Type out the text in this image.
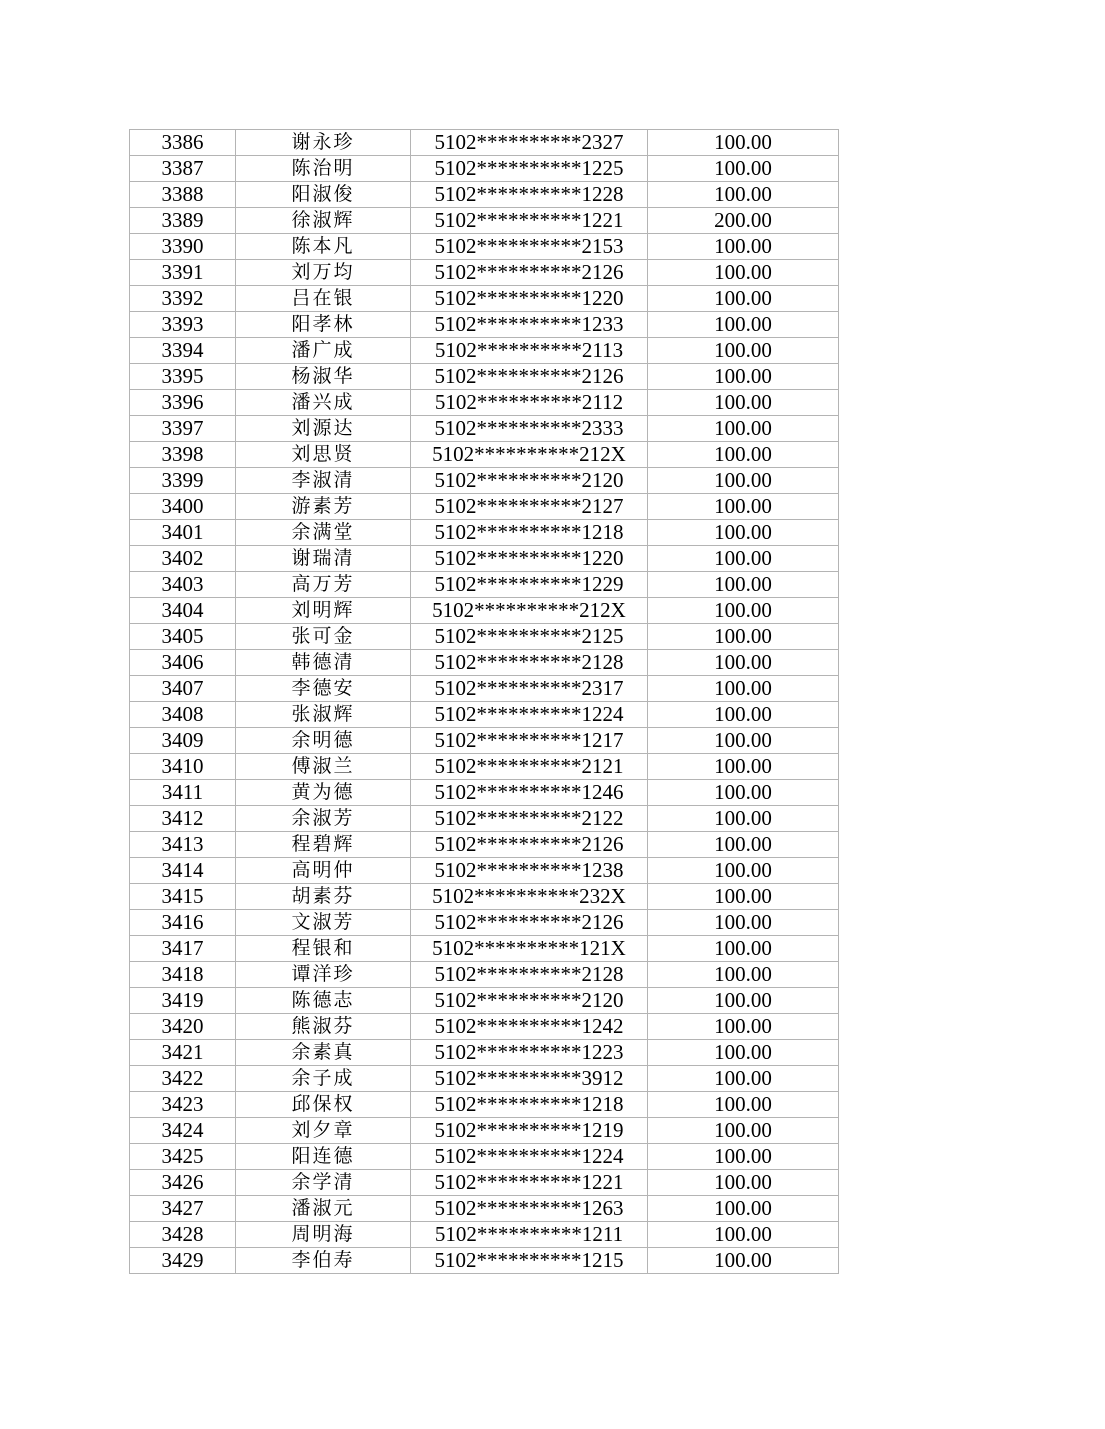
3386	谢永珍	5102**********2327	100.00
3387	陈治明	5102**********1225	100.00
3388	阳淑俊	5102**********1228	100.00
3389	徐淑辉	5102**********1221	200.00
3390	陈本凡	5102**********2153	100.00
3391	刘万均	5102**********2126	100.00
3392	吕在银	5102**********1220	100.00
3393	阳孝林	5102**********1233	100.00
3394	潘广成	5102**********2113	100.00
3395	杨淑华	5102**********2126	100.00
3396	潘兴成	5102**********2112	100.00
3397	刘源达	5102**********2333	100.00
3398	刘思贤	5102**********212X	100.00
3399	李淑清	5102**********2120	100.00
3400	游素芳	5102**********2127	100.00
3401	余满堂	5102**********1218	100.00
3402	谢瑞清	5102**********1220	100.00
3403	高万芳	5102**********1229	100.00
3404	刘明辉	5102**********212X	100.00
3405	张可金	5102**********2125	100.00
3406	韩德清	5102**********2128	100.00
3407	李德安	5102**********2317	100.00
3408	张淑辉	5102**********1224	100.00
3409	余明德	5102**********1217	100.00
3410	傅淑兰	5102**********2121	100.00
3411	黄为德	5102**********1246	100.00
3412	余淑芳	5102**********2122	100.00
3413	程碧辉	5102**********2126	100.00
3414	高明仲	5102**********1238	100.00
3415	胡素芬	5102**********232X	100.00
3416	文淑芳	5102**********2126	100.00
3417	程银和	5102**********121X	100.00
3418	谭洋珍	5102**********2128	100.00
3419	陈德志	5102**********2120	100.00
3420	熊淑芬	5102**********1242	100.00
3421	余素真	5102**********1223	100.00
3422	余子成	5102**********3912	100.00
3423	邱保权	5102**********1218	100.00
3424	刘夕章	5102**********1219	100.00
3425	阳连德	5102**********1224	100.00
3426	余学清	5102**********1221	100.00
3427	潘淑元	5102**********1263	100.00
3428	周明海	5102**********1211	100.00
3429	李伯寿	5102**********1215	100.00
